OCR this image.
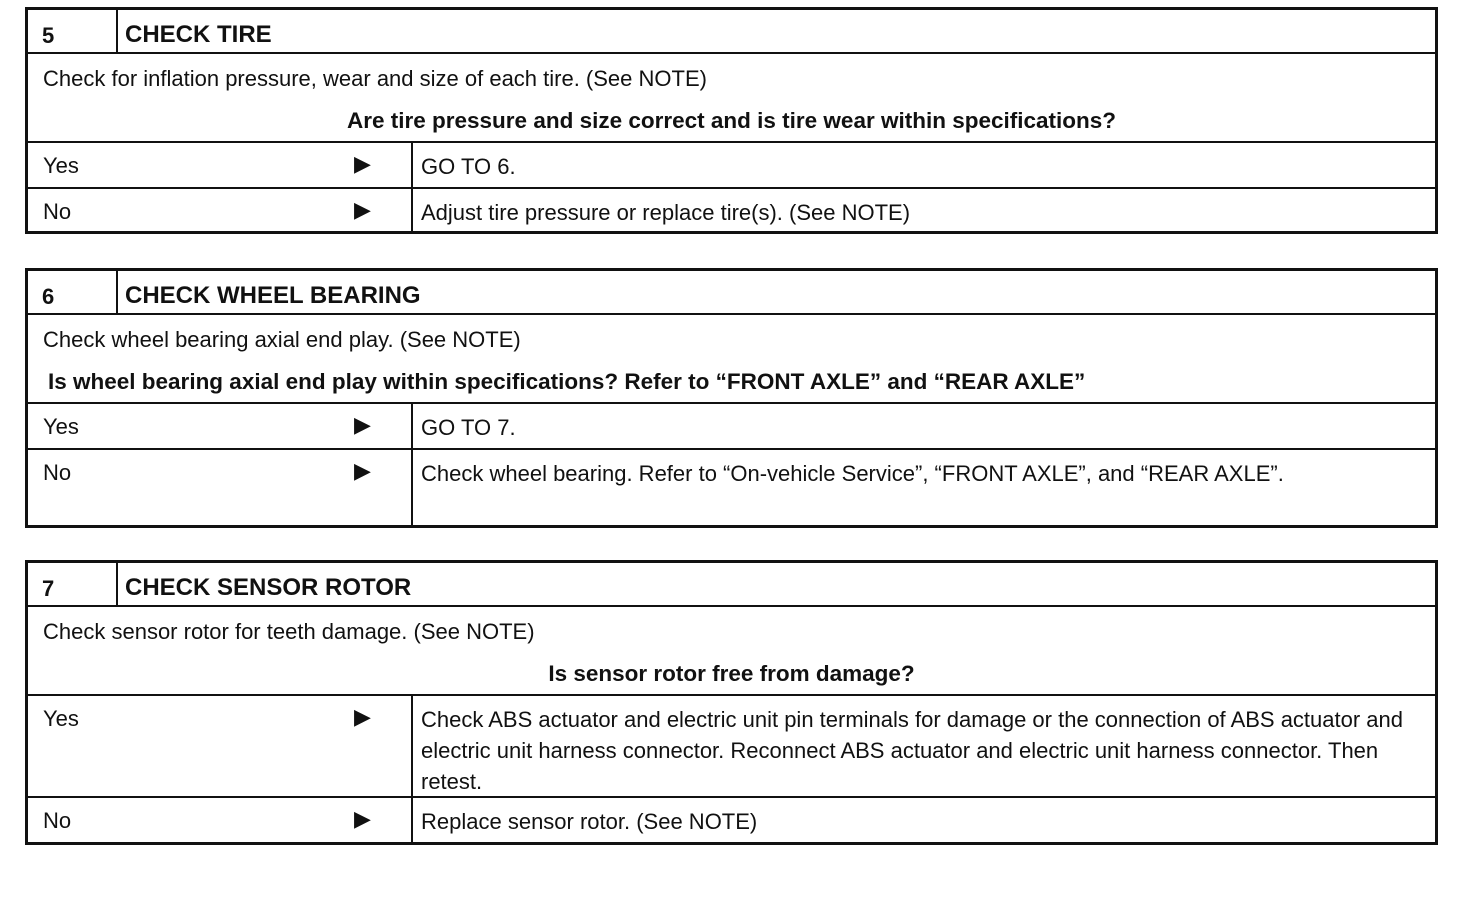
5	CHECK TIRE
Check for inflation pressure, wear and size of each tire. (See NOTE)
Are tire pressure and size correct and is tire wear within specifications?
Yes	▶	GO TO 6.
No	▶	Adjust tire pressure or replace tire(s). (See NOTE)
6	CHECK WHEEL BEARING
Check wheel bearing axial end play. (See NOTE)
Is wheel bearing axial end play within specifications? Refer to “FRONT AXLE” and “REAR AXLE”
Yes	▶	GO TO 7.
No	▶	Check wheel bearing. Refer to “On-vehicle Service”, “FRONT AXLE”, and “REAR AXLE”.
7	CHECK SENSOR ROTOR
Check sensor rotor for teeth damage. (See NOTE)
Is sensor rotor free from damage?
Yes	▶	Check ABS actuator and electric unit pin terminals for damage or the connection of ABS actuator and electric unit harness connector. Reconnect ABS actuator and electric unit harness connector. Then retest.
No	▶	Replace sensor rotor. (See NOTE)
